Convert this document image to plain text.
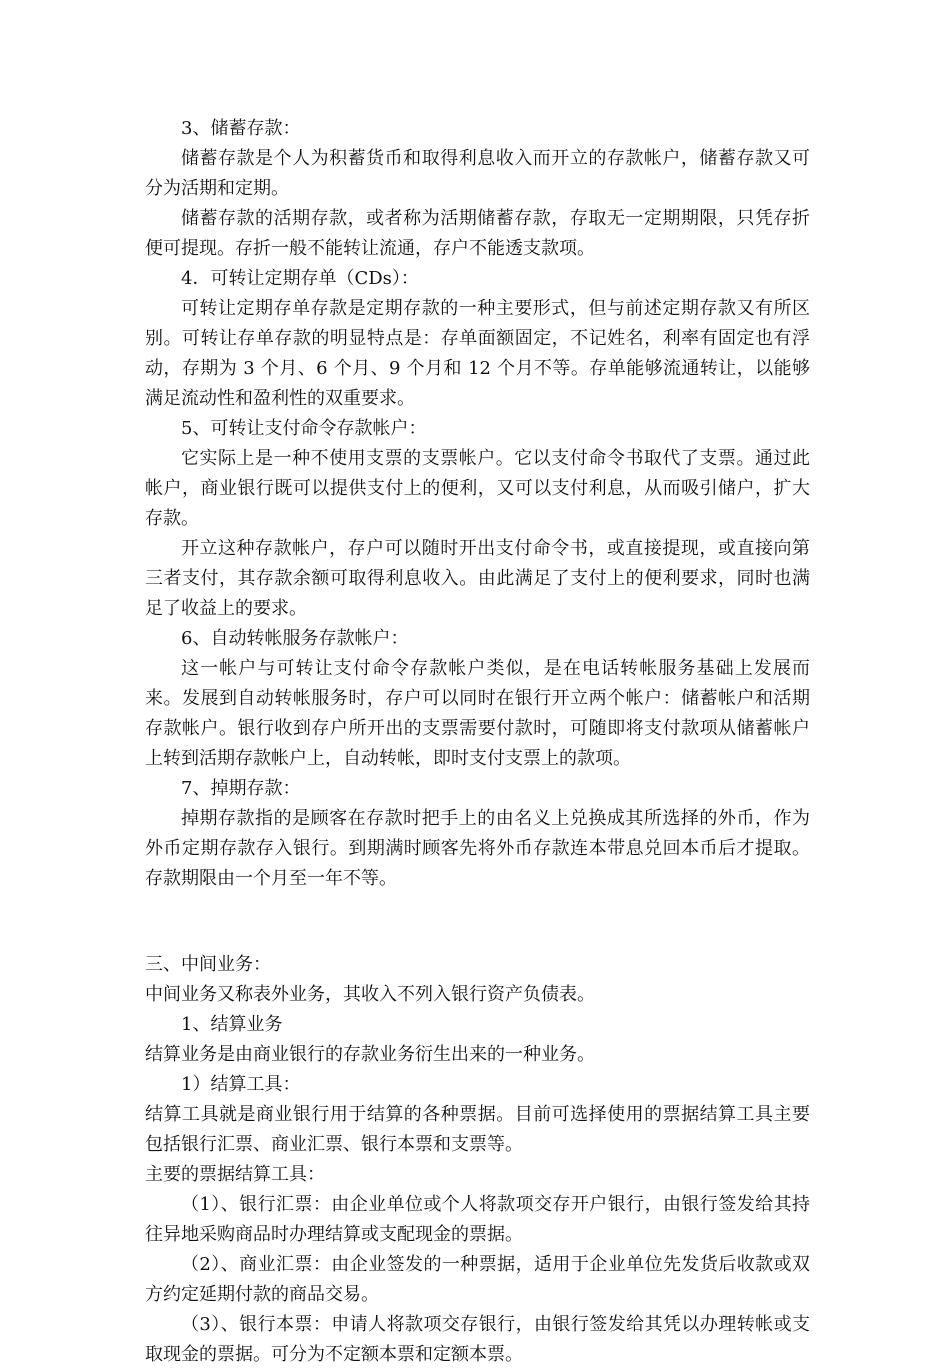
3、储蓄存款：

储蓄存款是个人为积蓄货币和取得利息收入而开立的存款帐户，储蓄存款又可分为活期和定期。

储蓄存款的活期存款，或者称为活期储蓄存款，存取无一定期期限，只凭存折便可提现。存折一般不能转让流通，存户不能透支款项。

4．可转让定期存单（CDs）：

可转让定期存单存款是定期存款的一种主要形式，但与前述定期存款又有所区别。可转让存单存款的明显特点是：存单面额固定，不记姓名，利率有固定也有浮动，存期为 3 个月、6 个月、9 个月和 12 个月不等。存单能够流通转让，以能够满足流动性和盈利性的双重要求。

5、可转让支付命令存款帐户：

它实际上是一种不使用支票的支票帐户。它以支付命令书取代了支票。通过此帐户，商业银行既可以提供支付上的便利，又可以支付利息，从而吸引储户，扩大存款。

开立这种存款帐户，存户可以随时开出支付命令书，或直接提现，或直接向第三者支付，其存款余额可取得利息收入。由此满足了支付上的便利要求，同时也满足了收益上的要求。

6、自动转帐服务存款帐户：

这一帐户与可转让支付命令存款帐户类似，是在电话转帐服务基础上发展而来。发展到自动转帐服务时，存户可以同时在银行开立两个帐户：储蓄帐户和活期存款帐户。银行收到存户所开出的支票需要付款时，可随即将支付款项从储蓄帐户上转到活期存款帐户上，自动转帐，即时支付支票上的款项。

7、掉期存款：

掉期存款指的是顾客在存款时把手上的由名义上兑换成其所选择的外币，作为外币定期存款存入银行。到期满时顾客先将外币存款连本带息兑回本币后才提取。存款期限由一个月至一年不等。

三、中间业务：

中间业务又称表外业务，其收入不列入银行资产负债表。

1、结算业务

结算业务是由商业银行的存款业务衍生出来的一种业务。

1）结算工具：

结算工具就是商业银行用于结算的各种票据。目前可选择使用的票据结算工具主要包括银行汇票、商业汇票、银行本票和支票等。

主要的票据结算工具：

（1）、银行汇票：由企业单位或个人将款项交存开户银行，由银行签发给其持往异地采购商品时办理结算或支配现金的票据。

（2）、商业汇票：由企业签发的一种票据，适用于企业单位先发货后收款或双方约定延期付款的商品交易。

（3）、银行本票：申请人将款项交存银行，由银行签发给其凭以办理转帐或支取现金的票据。可分为不定额本票和定额本票。
